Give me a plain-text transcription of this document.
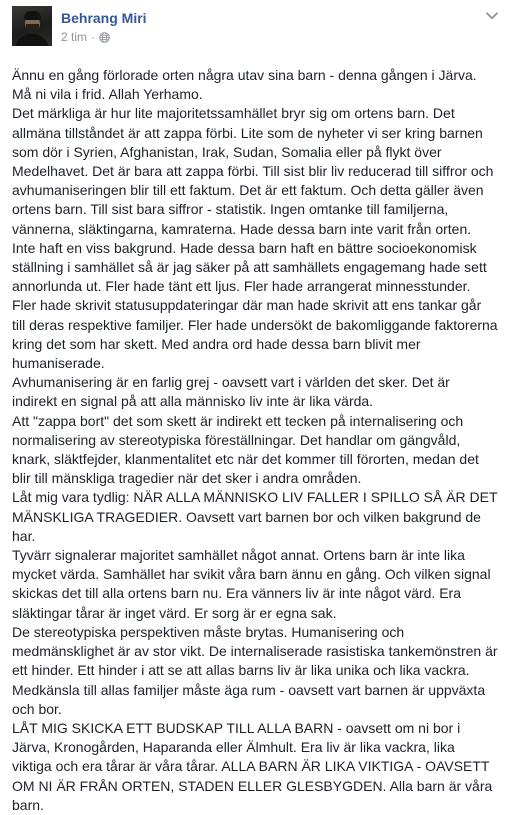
Behrang Miri
2 tim ·

Ännu en gång förlorade orten några utav sina barn - denna gången i Järva. Må ni vila i frid. Allah Yerhamo.

Det märkliga är hur lite majoritetssamhället bryr sig om ortens barn. Det allmäna tillståndet är att zappa förbi. Lite som de nyheter vi ser kring barnen som dör i Syrien, Afghanistan, Irak, Sudan, Somalia eller på flykt över Medelhavet. Det är bara att zappa förbi. Till sist blir liv reducerad till siffror och avhumaniseringen blir till ett faktum. Det är ett faktum. Och detta gäller även ortens barn. Till sist bara siffror - statistik. Ingen omtanke till familjerna, vännerna, släktingarna, kamraterna. Hade dessa barn inte varit från orten. Inte haft en viss bakgrund. Hade dessa barn haft en bättre socioekonomisk ställning i samhället så är jag säker på att samhällets engagemang hade sett annorlunda ut. Fler hade tänt ett ljus. Fler hade arrangerat minnesstunder. Fler hade skrivit statusuppdateringar där man hade skrivit att ens tankar går till deras respektive familjer. Fler hade undersökt de bakomliggande faktorerna kring det som har skett. Med andra ord hade dessa barn blivit mer humaniserade.

Avhumanisering är en farlig grej - oavsett vart i världen det sker. Det är indirekt en signal på att alla människo liv inte är lika värda.

Att "zappa bort" det som skett är indirekt ett tecken på internalisering och normalisering av stereotypiska föreställningar. Det handlar om gängvåld, knark, släktfejder, klanmentalitet etc när det kommer till förorten, medan det blir till mänskliga tragedier när det sker i andra områden.

Låt mig vara tydlig: NÄR ALLA MÄNNISKO LIV FALLER I SPILLO SÅ ÄR DET MÄNSKLIGA TRAGEDIER. Oavsett vart barnen bor och vilken bakgrund de har.

Tyvärr signalerar majoritet samhället något annat. Ortens barn är inte lika mycket värda. Samhället har svikit våra barn ännu en gång. Och vilken signal skickas det till alla ortens barn nu. Era vänners liv är inte något värd. Era släktingar tårar är inget värd. Er sorg är er egna sak.

De stereotypiska perspektiven måste brytas. Humanisering och medmänsklighet är av stor vikt. De internaliserade rasistiska tankemönstren är ett hinder. Ett hinder i att se att allas barns liv är lika unika och lika vackra. Medkänsla till allas familjer måste äga rum - oavsett vart barnen är uppväxta och bor.

LÅT MIG SKICKA ETT BUDSKAP TILL ALLA BARN - oavsett om ni bor i Järva, Kronogården, Haparanda eller Älmhult. Era liv är lika vackra, lika viktiga och era tårar är våra tårar. ALLA BARN ÄR LIKA VIKTIGA - OAVSETT OM NI ÄR FRÅN ORTEN, STADEN ELLER GLESBYGDEN. Alla barn är våra barn.
